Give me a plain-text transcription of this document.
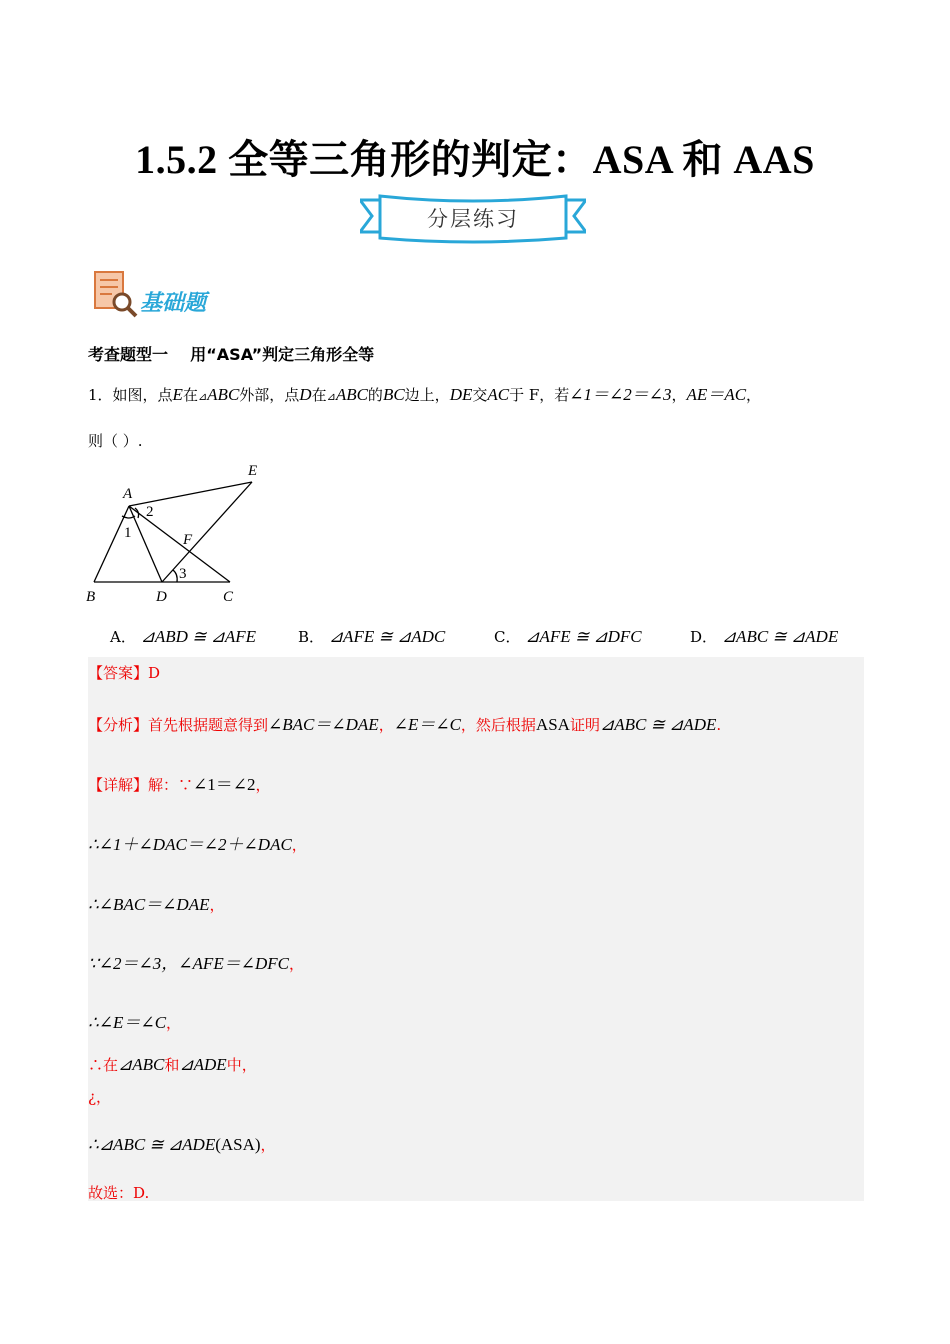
1.5.2 全等三角形的判定：ASA 和 AAS
分层练习
基础题
考查题型一    用“ASA”判定三角形全等
1．如图，点E在⊿ABC外部，点D在⊿ABC的BC边上，DE交AC于 F，若∠1＝∠2＝∠3，AE＝AC，
则（ ）.
A
B	C
D
E
F
1
2
3
A． ⊿ABD ≅ ⊿AFE	B． ⊿AFE ≅ ⊿ADC	C． ⊿AFE ≅ ⊿DFC	D． ⊿ABC ≅ ⊿ADE
【答案】D
【分析】首先根据题意得到∠BAC＝∠DAE，∠E＝∠C，然后根据ASA证明⊿ABC ≅ ⊿ADE.
【详解】解：∵∠1＝∠2，
∴∠1＋∠DAC＝∠2＋∠DAC，
∴∠BAC＝∠DAE，
∵∠2＝∠3，∠AFE＝∠DFC，
∴∠E＝∠C，
∴在⊿ABC和⊿ADE中，
¿，
∴⊿ABC ≅ ⊿ADE(ASA)，
故选：D.
